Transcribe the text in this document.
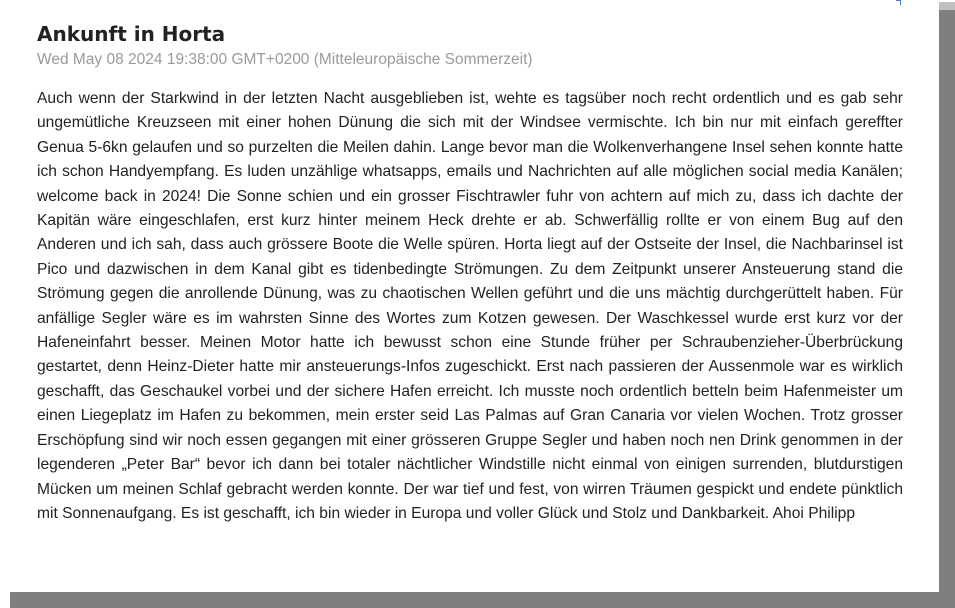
Ankunft in Horta
Wed May 08 2024 19:38:00 GMT+0200 (Mitteleuropäische Sommerzeit)

Auch wenn der Starkwind in der letzten Nacht ausgeblieben ist, wehte es tagsüber noch recht ordentlich und es gab sehr ungemütliche Kreuzseen mit einer hohen Dünung die sich mit der Windsee vermischte. Ich bin nur mit einfach gereffter Genua 5-6kn gelaufen und so purzelten die Meilen dahin. Lange bevor man die Wolkenverhangene Insel sehen konnte hatte ich schon Handyempfang. Es luden unzählige whatsapps, emails und Nachrichten auf alle möglichen social media Kanälen; welcome back in 2024! Die Sonne schien und ein grosser Fischtrawler fuhr von achtern auf mich zu, dass ich dachte der Kapitän wäre eingeschlafen, erst kurz hinter meinem Heck drehte er ab. Schwerfällig rollte er von einem Bug auf den Anderen und ich sah, dass auch grössere Boote die Welle spüren. Horta liegt auf der Ostseite der Insel, die Nachbarinsel ist Pico und dazwischen in dem Kanal gibt es tidenbedingte Strömungen. Zu dem Zeitpunkt unserer Ansteuerung stand die Strömung gegen die anrollende Dünung, was zu chaotischen Wellen geführt und die uns mächtig durchgerüttelt haben. Für anfällige Segler wäre es im wahrsten Sinne des Wortes zum Kotzen gewesen. Der Waschkessel wurde erst kurz vor der Hafeneinfahrt besser. Meinen Motor hatte ich bewusst schon eine Stunde früher per Schraubenzieher-Überbrückung gestartet, denn Heinz-Dieter hatte mir ansteuerungs-Infos zugeschickt. Erst nach passieren der Aussenmole war es wirklich geschafft, das Geschaukel vorbei und der sichere Hafen erreicht. Ich musste noch ordentlich betteln beim Hafenmeister um einen Liegeplatz im Hafen zu bekommen, mein erster seid Las Palmas auf Gran Canaria vor vielen Wochen. Trotz grosser Erschöpfung sind wir noch essen gegangen mit einer grösseren Gruppe Segler und haben noch nen Drink genommen in der legenderen „Peter Bar“ bevor ich dann bei totaler nächtlicher Windstille nicht einmal von einigen surrenden, blutdurstigen Mücken um meinen Schlaf gebracht werden konnte. Der war tief und fest, von wirren Träumen gespickt und endete pünktlich mit Sonnenaufgang. Es ist geschafft, ich bin wieder in Europa und voller Glück und Stolz und Dankbarkeit. Ahoi Philipp
